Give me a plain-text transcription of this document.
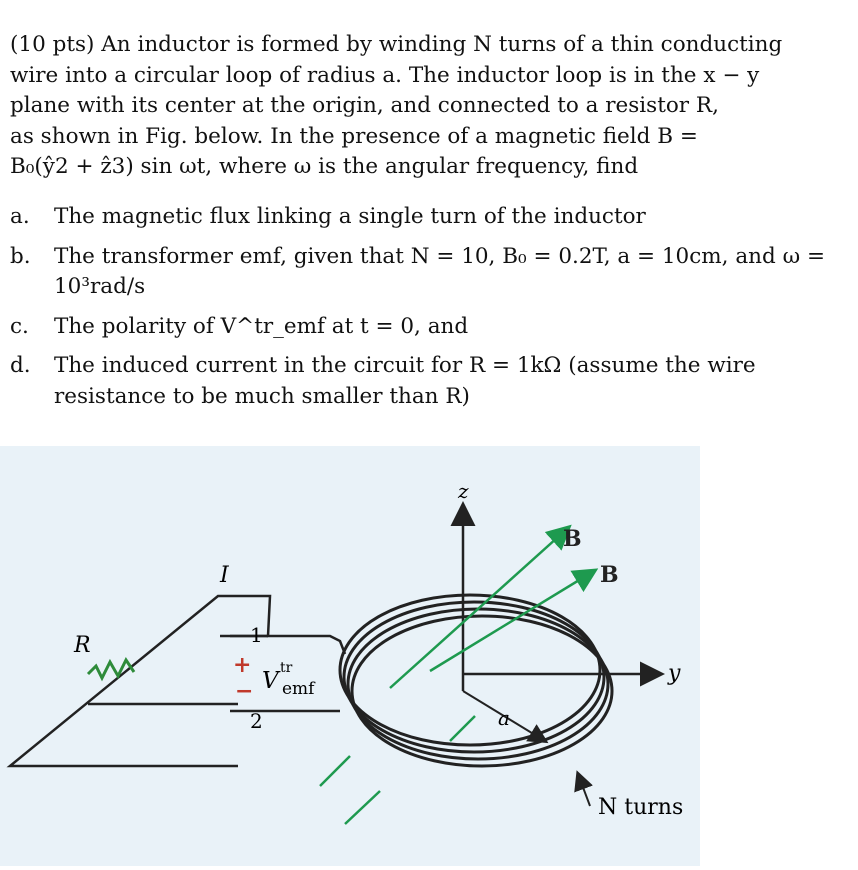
(10 pts) An inductor is formed by winding N turns of a thin conducting
wire into a circular loop of radius a. The inductor loop is in the x − y
plane with its center at the origin, and connected to a resistor R,
as shown in Fig. below. In the presence of a magnetic field B =
B₀(ŷ2 + ẑ3) sin ωt, where ω is the angular frequency, find
a. The magnetic flux linking a single turn of the inductor
b. The transformer emf, given that N = 10, B₀ = 0.2T, a = 10cm, and ω =
10³rad/s
c. The polarity of V^tr_emf at t = 0, and
d. The induced current in the circuit for R = 1kΩ (assume the wire
resistance to be much smaller than R)
z
y
B
B
I
R	1
2
+
− V tr
emf
a
N turns
